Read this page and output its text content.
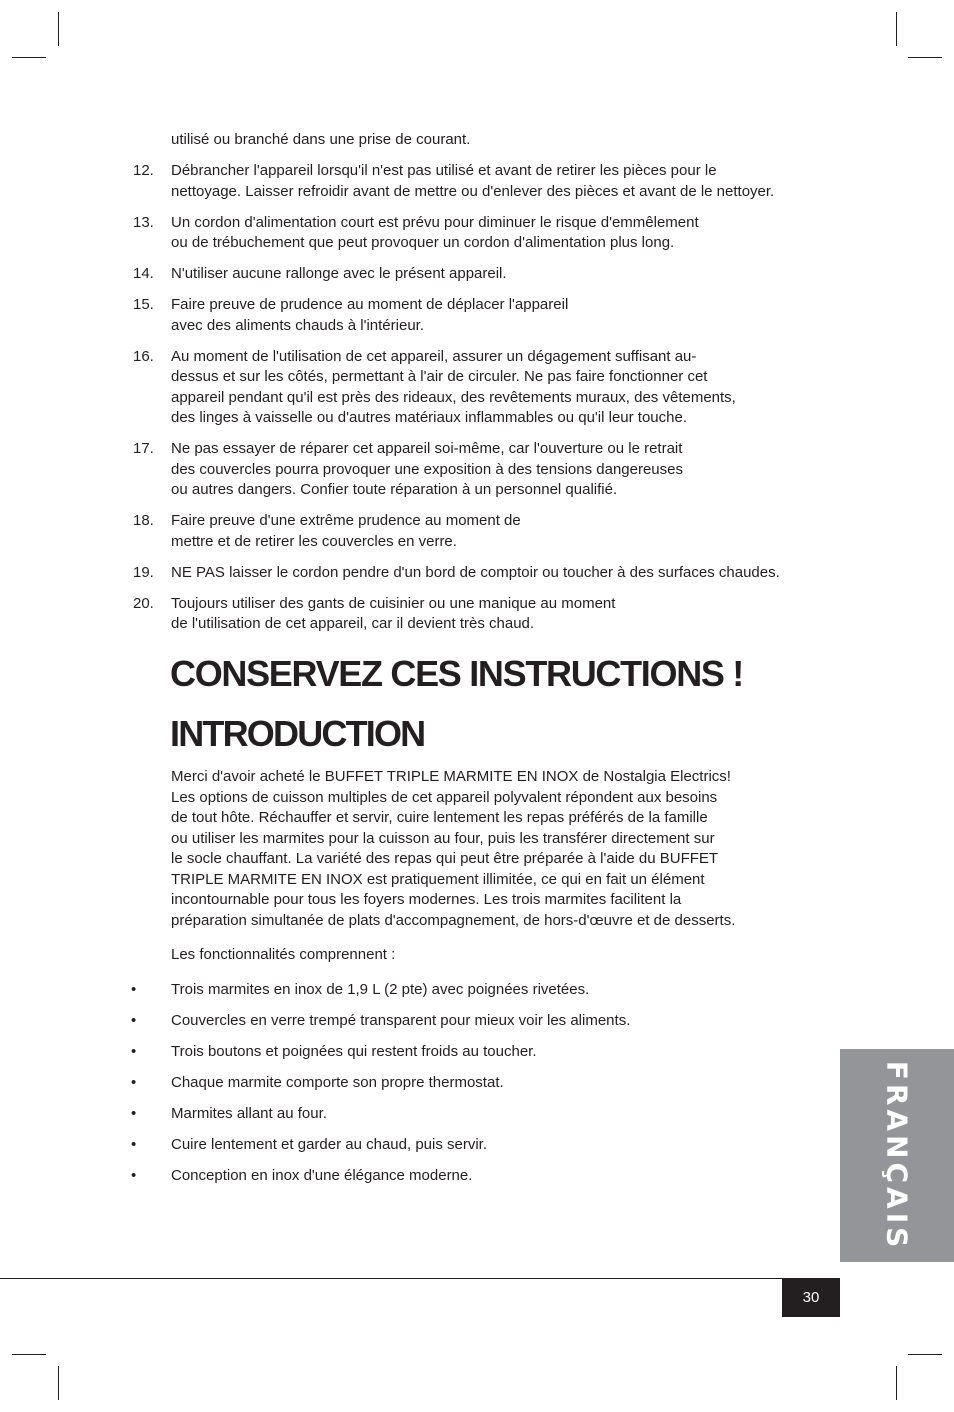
utilisé ou branché dans une prise de courant.
12. Débrancher l'appareil lorsqu'il n'est pas utilisé et avant de retirer les pièces pour le
nettoyage. Laisser refroidir avant de mettre ou d'enlever des pièces et avant de le nettoyer.
13. Un cordon d'alimentation court est prévu pour diminuer le risque d'emmêlement
ou de trébuchement que peut provoquer un cordon d'alimentation plus long.
14. N'utiliser aucune rallonge avec le présent appareil.
15. Faire preuve de prudence au moment de déplacer l'appareil
avec des aliments chauds à l'intérieur.
16. Au moment de l'utilisation de cet appareil, assurer un dégagement suffisant au-
dessus et sur les côtés, permettant à l'air de circuler. Ne pas faire fonctionner cet
appareil pendant qu'il est près des rideaux, des revêtements muraux, des vêtements,
des linges à vaisselle ou d'autres matériaux inflammables ou qu'il leur touche.
17. Ne pas essayer de réparer cet appareil soi-même, car l'ouverture ou le retrait
des couvercles pourra provoquer une exposition à des tensions dangereuses
ou autres dangers. Confier toute réparation à un personnel qualifié.
18. Faire preuve d'une extrême prudence au moment de
mettre et de retirer les couvercles en verre.
19. NE PAS laisser le cordon pendre d'un bord de comptoir ou toucher à des surfaces chaudes.
20. Toujours utiliser des gants de cuisinier ou une manique au moment
de l'utilisation de cet appareil, car il devient très chaud.
CONSERVEZ CES INSTRUCTIONS !
INTRODUCTION
Merci d'avoir acheté le BUFFET TRIPLE MARMITE EN INOX de Nostalgia Electrics!
Les options de cuisson multiples de cet appareil polyvalent répondent aux besoins
de tout hôte. Réchauffer et servir, cuire lentement les repas préférés de la famille
ou utiliser les marmites pour la cuisson au four, puis les transférer directement sur
le socle chauffant. La variété des repas qui peut être préparée à l'aide du BUFFET
TRIPLE MARMITE EN INOX est pratiquement illimitée, ce qui en fait un élément
incontournable pour tous les foyers modernes. Les trois marmites facilitent la
préparation simultanée de plats d'accompagnement, de hors-d'œuvre et de desserts.
Les fonctionnalités comprennent :
• Trois marmites en inox de 1,9 L (2 pte) avec poignées rivetées.
• Couvercles en verre trempé transparent pour mieux voir les aliments.
• Trois boutons et poignées qui restent froids au toucher.
• Chaque marmite comporte son propre thermostat.
• Marmites allant au four.
• Cuire lentement et garder au chaud, puis servir.
• Conception en inox d'une élégance moderne.	FRANÇAIS
30
